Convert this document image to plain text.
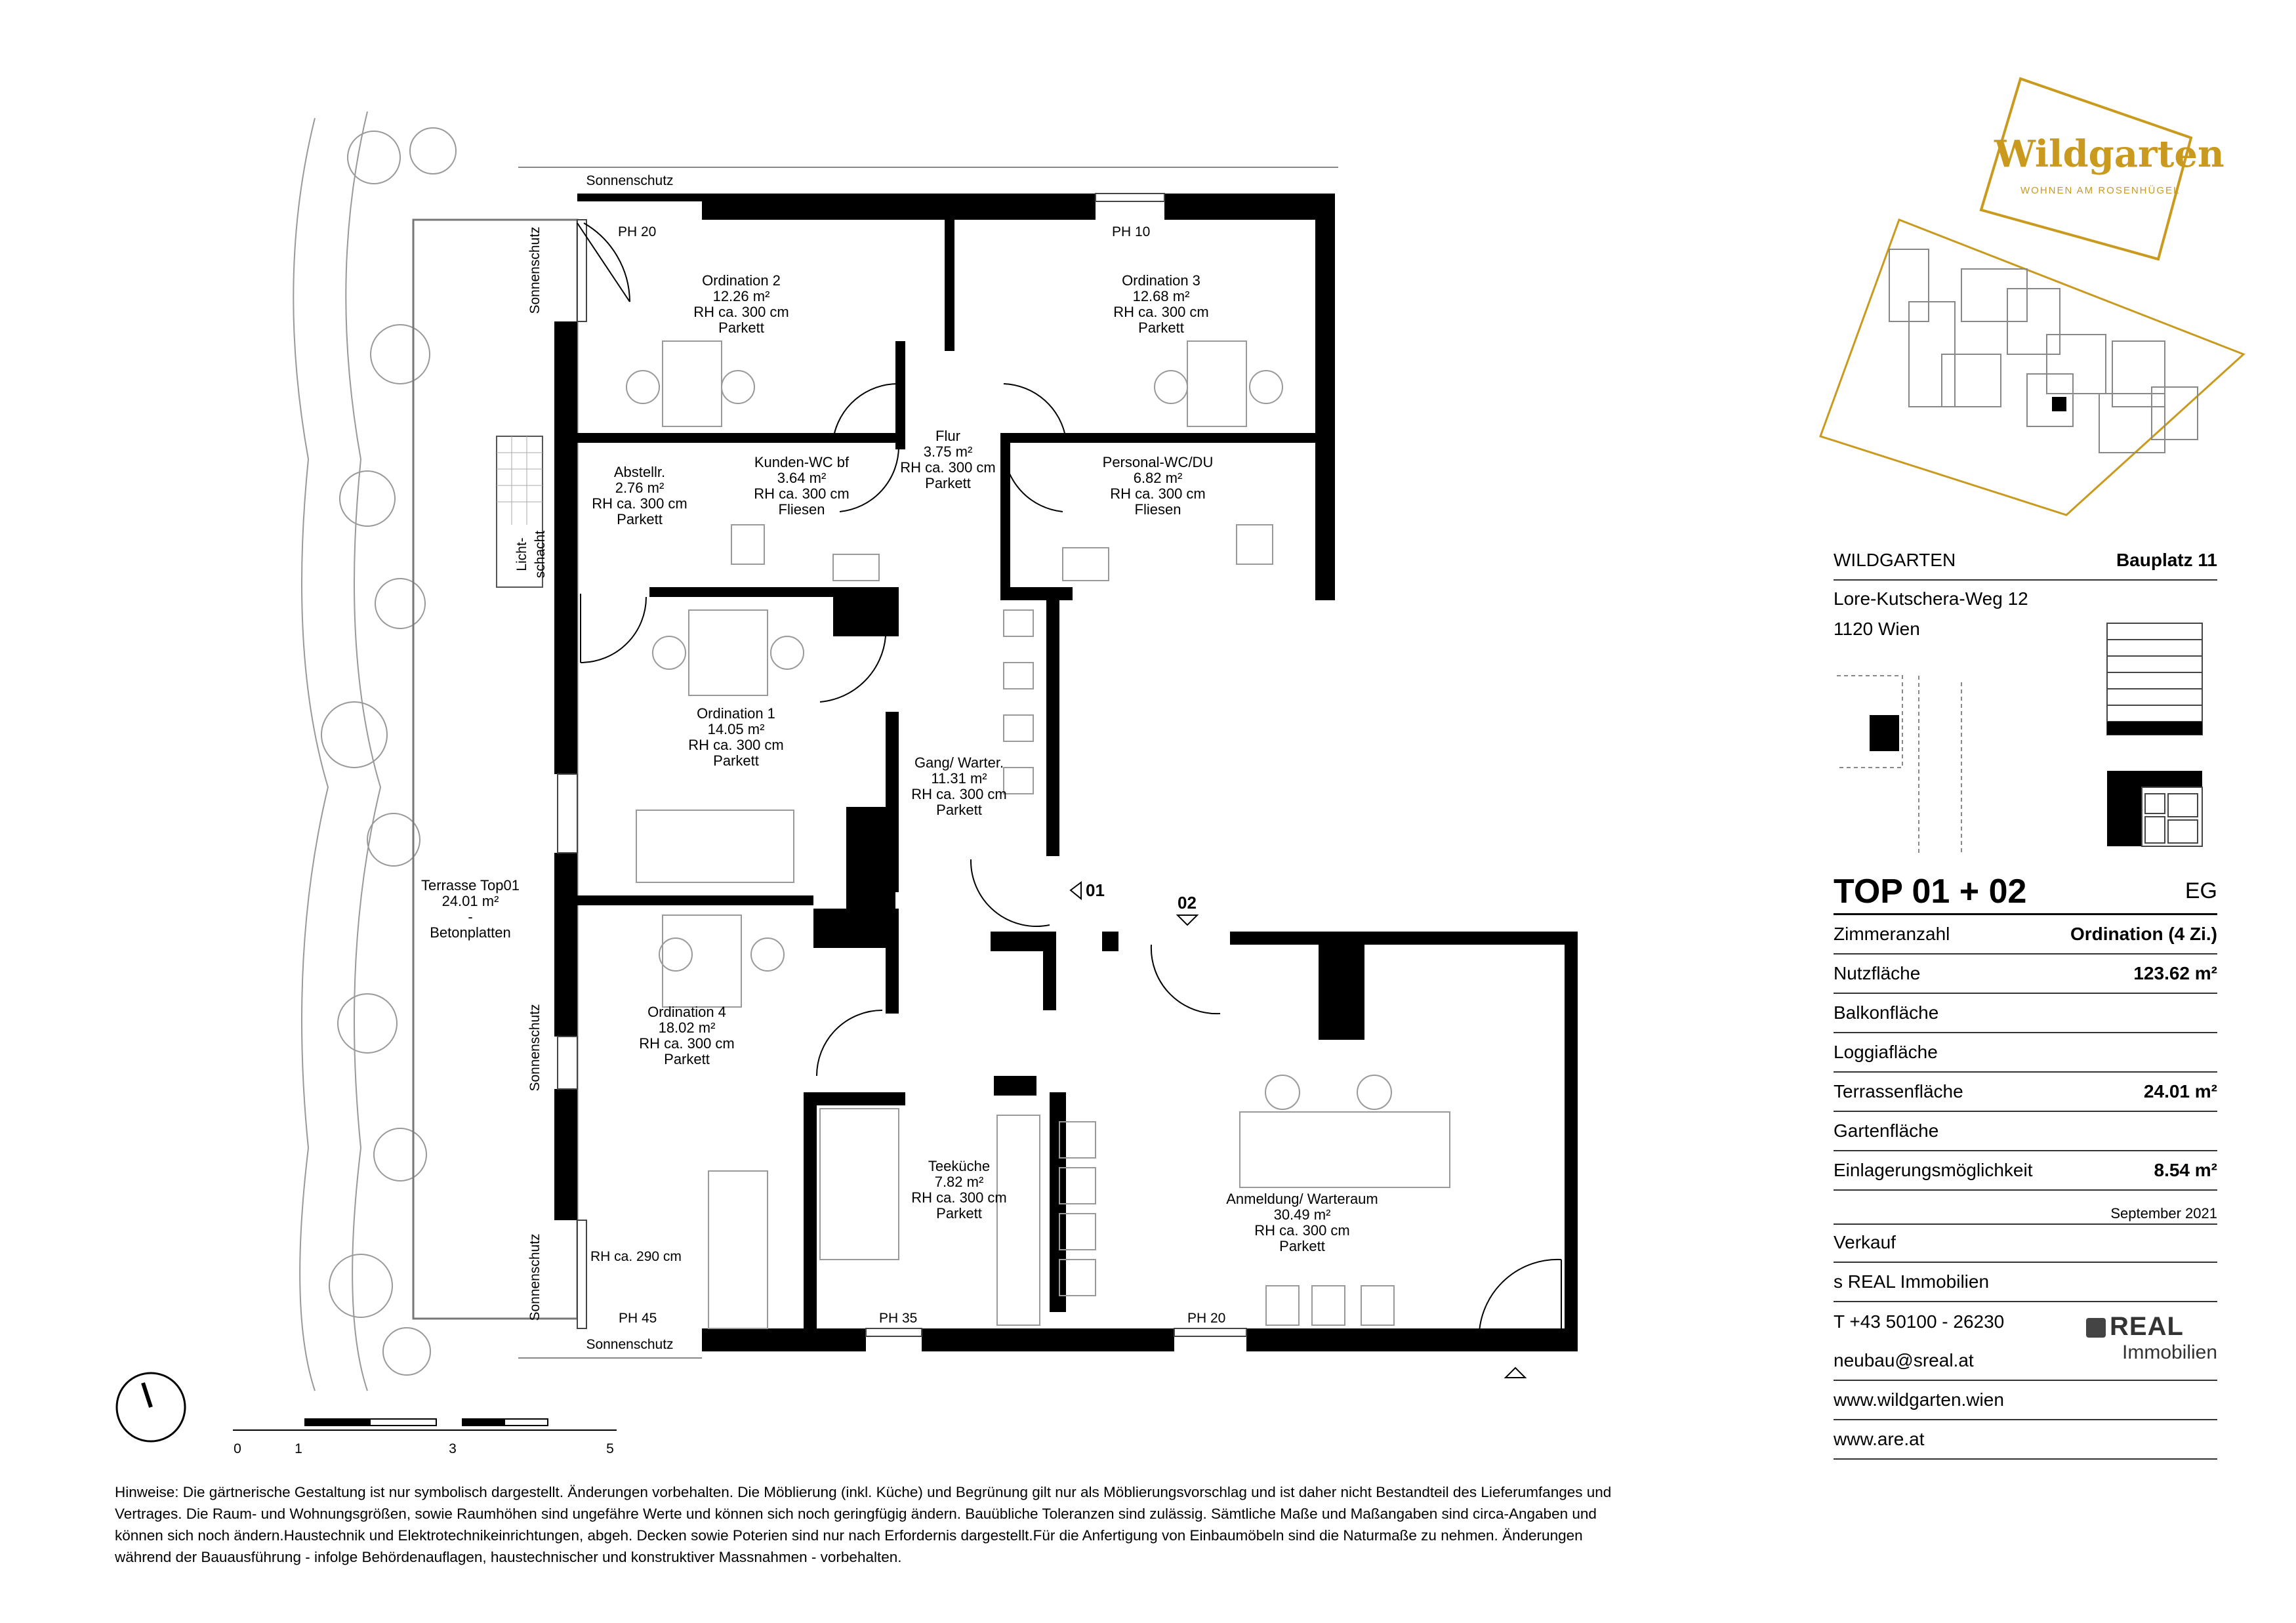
Ordination 2 12.26 m² RH ca. 300 cm Parkett
Ordination 3 12.68 m² RH ca. 300 cm Parkett
Flur 3.75 m² RH ca. 300 cm Parkett
Abstellr. 2.76 m² RH ca. 300 cm Parkett
Kunden-WC bf 3.64 m² RH ca. 300 cm Fliesen
Personal-WC/DU 6.82 m² RH ca. 300 cm Fliesen
Ordination 1 14.05 m² RH ca. 300 cm Parkett	Gang/ Warter. 11.31 m² RH ca. 300 cm Parkett
Ordination 4 18.02 m² RH ca. 300 cm Parkett
Teeküche 7.82 m² RH ca. 300 cm Parkett
Anmeldung/ Warteraum 30.49 m² RH ca. 300 cm Parkett
Terrasse Top01 24.01 m² -Betonplatten
Sonnenschutz
Sonnenschutz
Sonnenschutz
Sonnenschutz
Sonnenschutz
PH 20	PH 10
PH 35	PH 20
PH 45
RH ca. 290 cm
Licht- schacht
01
02
0	1	3	5
Wildgarten
WOHNEN AM ROSENHÜGEL
WILDGARTEN	Bauplatz 11
Lore-Kutschera-Weg 12
1120 Wien
TOP 01 + 02	EG
Zimmeranzahl	Ordination (4 Zi.)
Nutzfläche	123.62 m²
Balkonfläche
Loggiafläche
Terrassenfläche	24.01 m²
Gartenfläche
Einlagerungsmöglichkeit	8.54 m²
September 2021
Verkauf
s REAL Immobilien
T +43 50100 - 26230
neubau@sreal.at
www.wildgarten.wien
www.are.at
REAL
Immobilien

Hinweise: Die gärtnerische Gestaltung ist nur symbolisch dargestellt. Änderungen vorbehalten. Die Möblierung (inkl. Küche) und Begrünung gilt nur als Möblierungsvorschlag und ist daher nicht Bestandteil des Lieferumfanges und

Vertrages. Die Raum- und Wohnungsgrößen, sowie Raumhöhen sind ungefähre Werte und können sich noch geringfügig ändern. Bauübliche Toleranzen sind zulässig. Sämtliche Maße und Maßangaben sind circa-Angaben und

können sich noch ändern.Haustechnik und Elektrotechnikeinrichtungen, abgeh. Decken sowie Poterien sind nur nach Erfordernis dargestellt.Für die Anfertigung von Einbaumöbeln sind die Naturmaße zu nehmen. Änderungen

während der Bauausführung - infolge Behördenauflagen, haustechnischer und konstruktiver Massnahmen - vorbehalten.
